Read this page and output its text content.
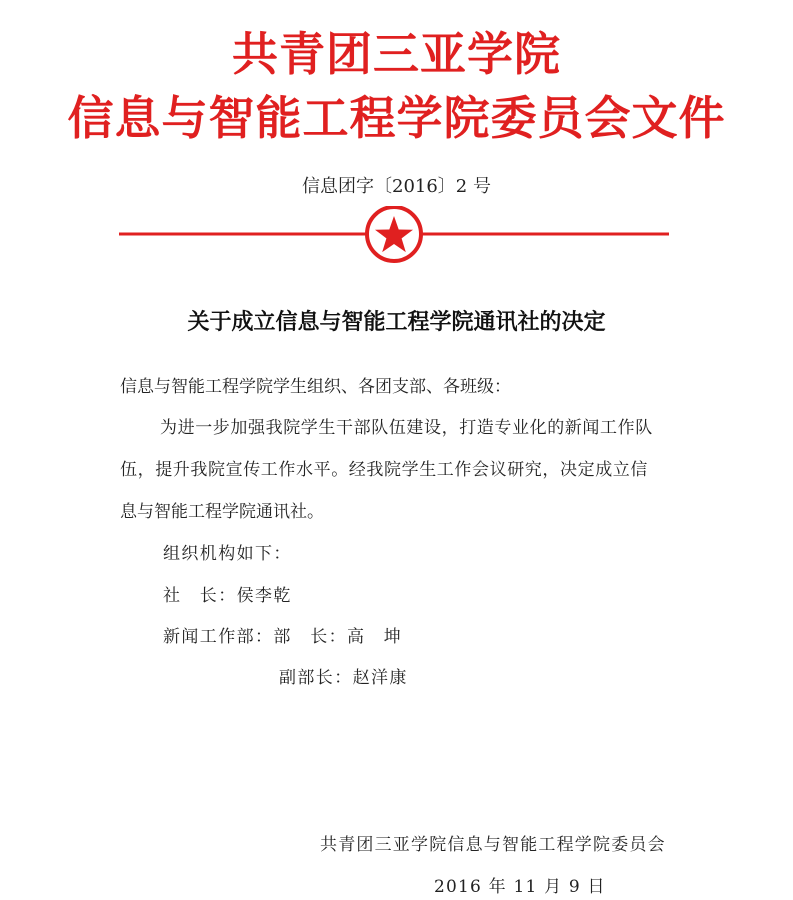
共青团三亚学院
信息与智能工程学院委员会文件
信息团字〔2016〕2 号
关于成立信息与智能工程学院通讯社的决定
信息与智能工程学院学生组织、各团支部、各班级：
为进一步加强我院学生干部队伍建设，打造专业化的新闻工作队
伍，提升我院宣传工作水平。经我院学生工作会议研究，决定成立信
息与智能工程学院通讯社。
组织机构如下：
社　长：侯李乾
新闻工作部：部　长：高　坤
副部长：赵洋康
共青团三亚学院信息与智能工程学院委员会
2016 年 11 月 9 日
